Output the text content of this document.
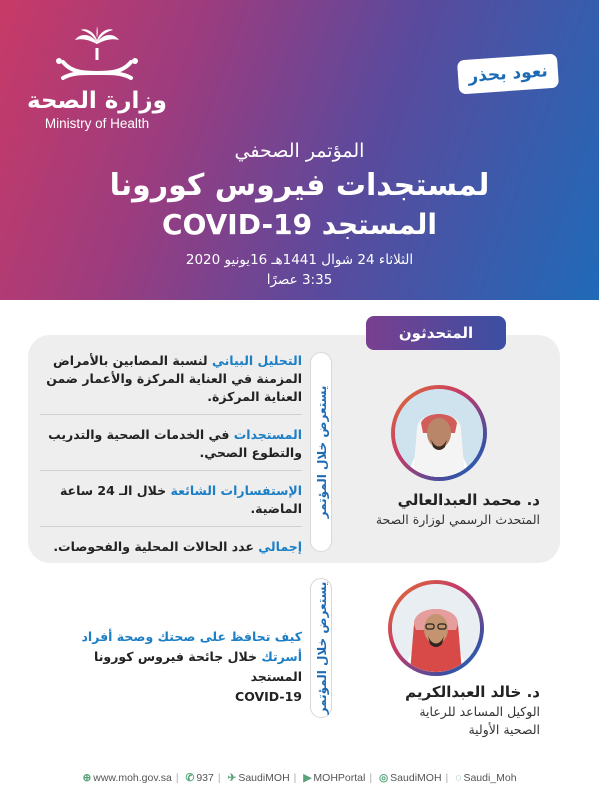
وزارة الصحة
Ministry of Health
نعود بحذر
المؤتمر الصحفي
لمستجدات فيروس كورونا
المستجد COVID-19
الثلاثاء 24 شوال 1441هـ 16يونيو 2020
3:35 عصرًا
المتحدثون
التحليل البياني لنسبة المصابين بالأمراض المزمنة في العناية المركزة والأعمار ضمن العناية المركزة.
المستجدات في الخدمات الصحية والتدريب والتطوع الصحي.
الإستفسارات الشائعة خلال الـ 24 ساعة الماضية.
إجمالي عدد الحالات المحلية والفحوصات.
يستعرض خلال المؤتمر	د. محمد العبدالعالي
المتحدث الرسمي لوزارة الصحة
كيف تحافظ على صحتك وصحة أفراد
أسرتك خلال جائحة فيروس كورونا المستجد
COVID-19 يستعرض خلال المؤتمر	د. خالد العبدالكريم
الوكيل المساعد للرعاية
الصحية الأولية
⊕ www.moh.gov.sa | ✆ 937 | ✈ SaudiMOH | ▶ MOHPortal | ◎ SaudiMOH | ◌ Saudi_Moh
